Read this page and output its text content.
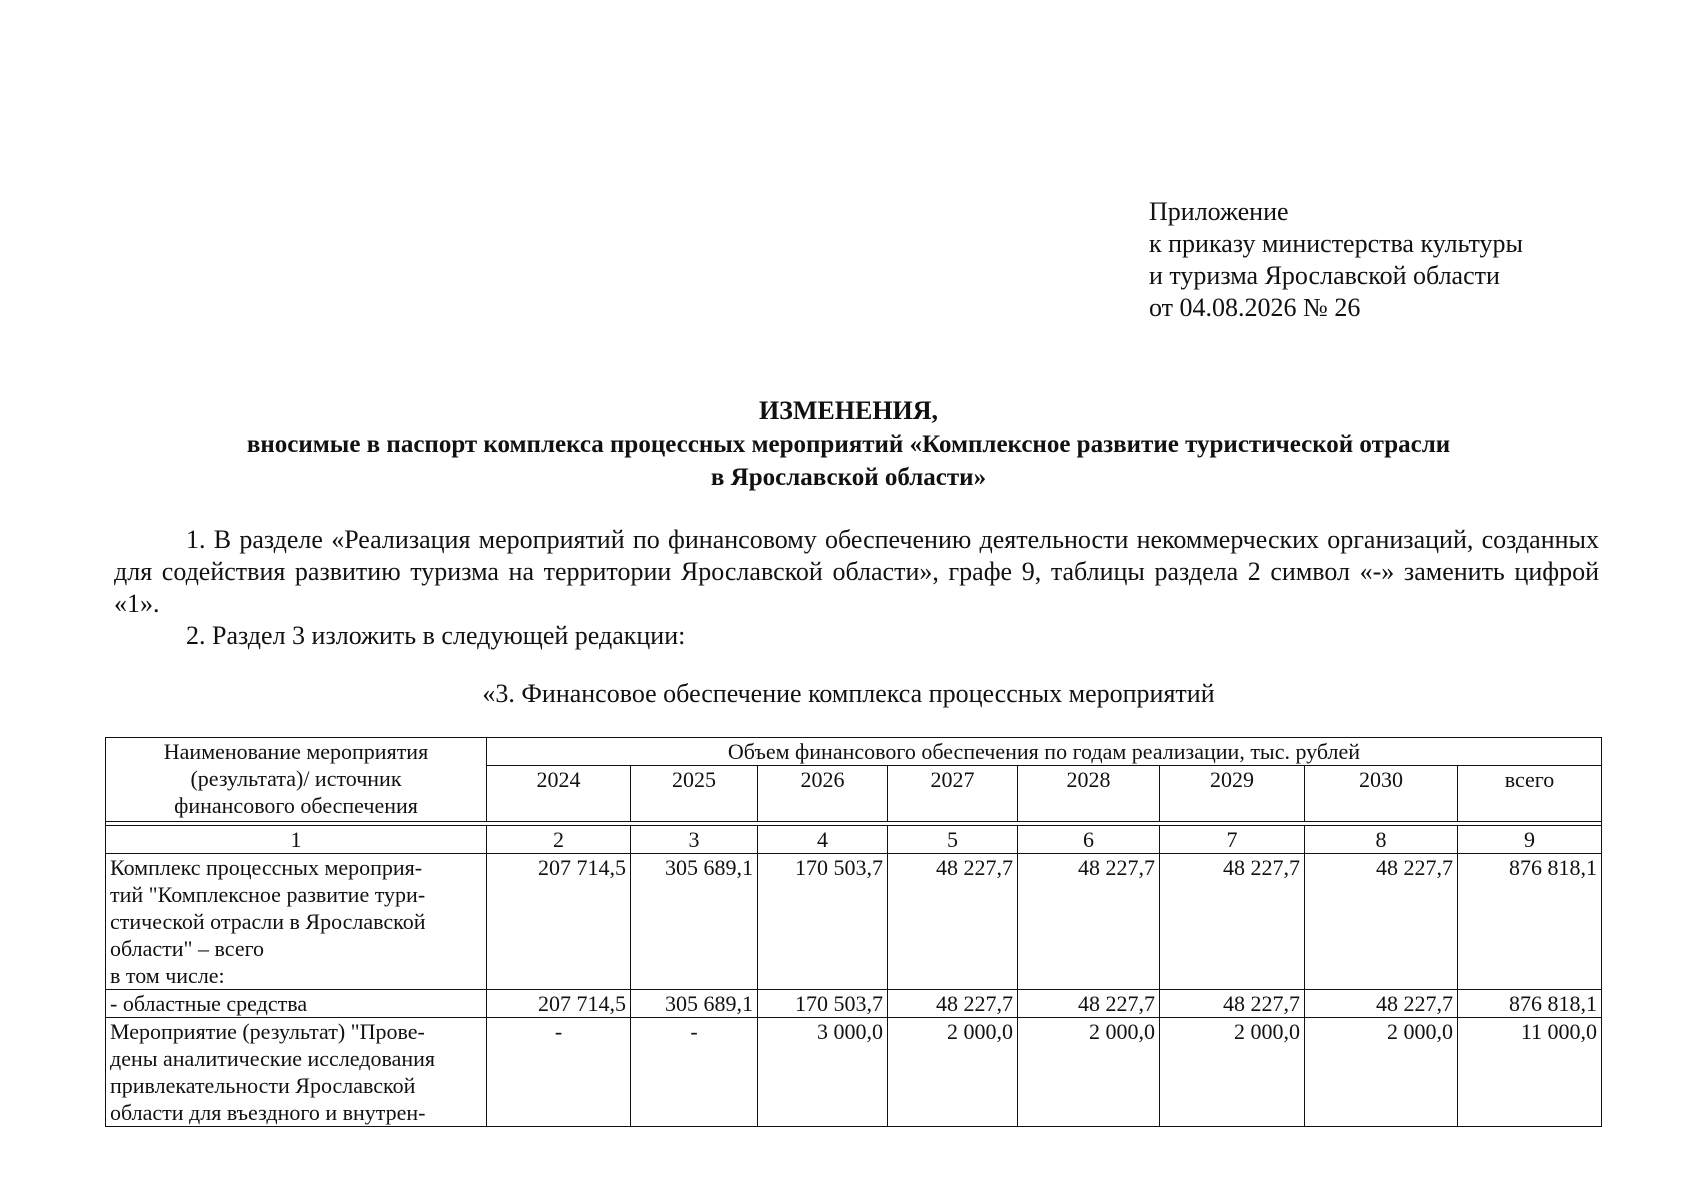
Приложение
к приказу министерства культуры
и туризма Ярославской области
от 04.08.2026 № 26
ИЗМЕНЕНИЯ,
вносимые в паспорт комплекса процессных мероприятий «Комплексное развитие туристической отрасли
в Ярославской области»

1. В разделе «Реализация мероприятий по финансовому обеспечению деятельности некоммерческих организаций, созданных для содействия развитию туризма на территории Ярославской области», графе 9, таблицы раздела 2 символ «-» заменить цифрой «1».

2. Раздел 3 изложить в следующей редакции:

«3. Финансовое обеспечение комплекса процессных мероприятий
Наименование мероприятия
(результата)/ источник
финансового обеспечения	Объем финансового обеспечения по годам реализации, тыс. рублей							
	2024	2025	2026	2027	2028	2029	2030	всего

1	2	3	4	5	6	7	8	9

Комплекс процессных мероприя-
тий "Комплексное развитие тури-
стической отрасли в Ярославской
области" – всего
в том числе:	207 714,5	305 689,1	170 503,7	48 227,7	48 227,7	48 227,7	48 227,7	876 818,1

- областные средства	207 714,5	305 689,1	170 503,7	48 227,7	48 227,7	48 227,7	48 227,7	876 818,1

Мероприятие (результат) "Прове-
дены аналитические исследования
привлекательности Ярославской
области для въездного и внутрен-	-	-	3 000,0	2 000,0	2 000,0	2 000,0	2 000,0	11 000,0
